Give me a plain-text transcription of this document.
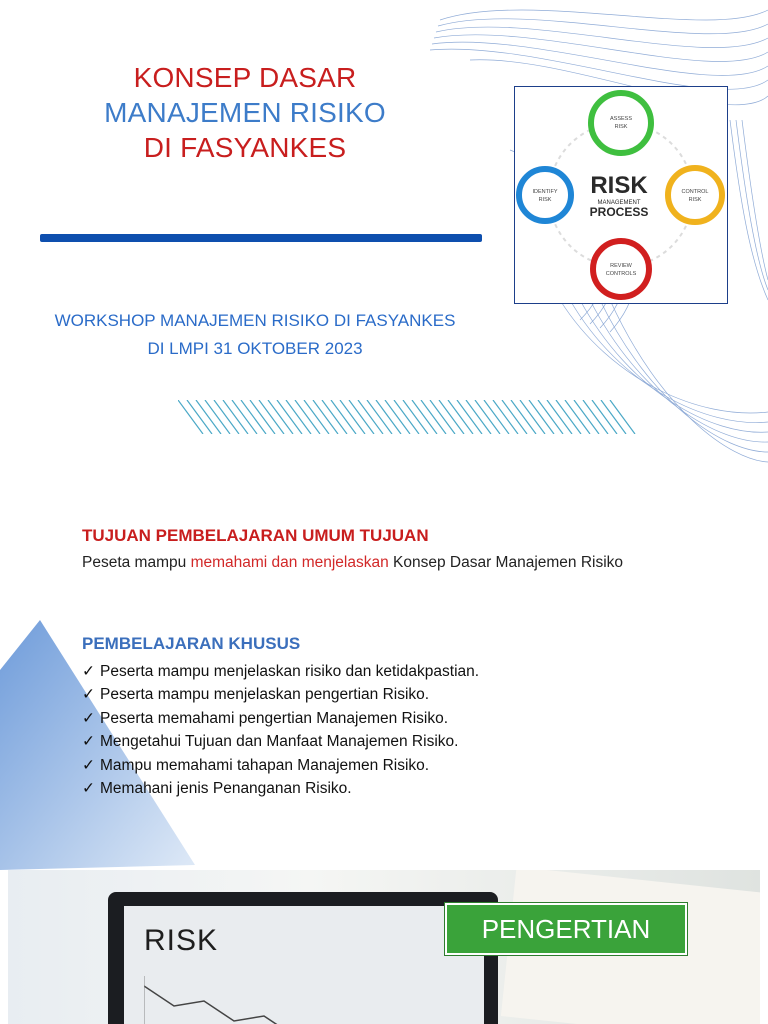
KONSEP DASAR
MANAJEMEN RISIKO
DI FASYANKES
ASSESS
RISK
CONTROL
RISK
REVIEW
CONTROLS
IDENTIFY
RISK
RISK
MANAGEMENT
PROCESS
WORKSHOP MANAJEMEN RISIKO DI FASYANKES
DI LMPI 31 OKTOBER 2023
TUJUAN PEMBELAJARAN UMUM TUJUAN
Peseta mampu memahami dan menjelaskan Konsep Dasar Manajemen Risiko
PEMBELAJARAN KHUSUS
✓ Peserta mampu menjelaskan risiko dan ketidakpastian.
✓ Peserta mampu menjelaskan pengertian Risiko.
✓ Peserta memahami pengertian Manajemen Risiko.
✓ Mengetahui Tujuan dan Manfaat Manajemen Risiko.
✓ Mampu memahami tahapan Manajemen Risiko.
✓ Memahani jenis Penanganan Risiko.
RISK	PENGERTIAN
